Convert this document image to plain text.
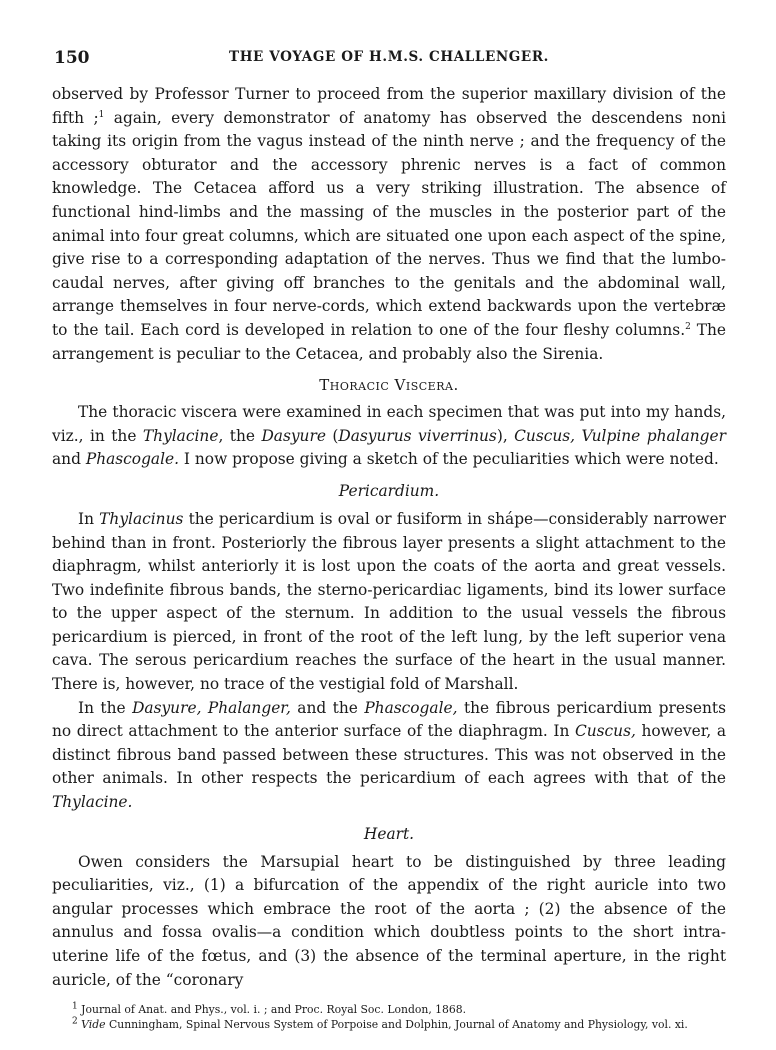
150	THE VOYAGE OF H.M.S. CHALLENGER.

observed by Professor Turner to proceed from the superior maxillary division of the fifth ;$^1$ again, every demonstrator of anatomy has observed the descendens noni taking its origin from the vagus instead of the ninth nerve ; and the frequency of the accessory obturator and the accessory phrenic nerves is a fact of common knowledge. The Cetacea afford us a very striking illustration. The absence of functional hind-limbs and the massing of the muscles in the posterior part of the animal into four great columns, which are situated one upon each aspect of the spine, give rise to a corresponding adaptation of the nerves. Thus we find that the lumbo-caudal nerves, after giving off branches to the genitals and the abdominal wall, arrange themselves in four nerve-cords, which extend backwards upon the vertebræ to the tail. Each cord is developed in relation to one of the four fleshy columns.$^2$ The arrangement is peculiar to the Cetacea, and probably also the Sirenia.

Thoracic Viscera.

The thoracic viscera were examined in each specimen that was put into my hands, viz., in the Thylacine, the Dasyure (Dasyurus viverrinus), Cuscus, Vulpine phalanger and Phascogale. I now propose giving a sketch of the peculiarities which were noted.

Pericardium.

In Thylacinus the pericardium is oval or fusiform in shápe—considerably narrower behind than in front. Posteriorly the fibrous layer presents a slight attachment to the diaphragm, whilst anteriorly it is lost upon the coats of the aorta and great vessels. Two indefinite fibrous bands, the sterno-pericardiac ligaments, bind its lower surface to the upper aspect of the sternum. In addition to the usual vessels the fibrous pericardium is pierced, in front of the root of the left lung, by the left superior vena cava. The serous pericardium reaches the surface of the heart in the usual manner. There is, however, no trace of the vestigial fold of Marshall.

In the Dasyure, Phalanger, and the Phascogale, the fibrous pericardium presents no direct attachment to the anterior surface of the diaphragm. In Cuscus, however, a distinct fibrous band passed between these structures. This was not observed in the other animals. In other respects the pericardium of each agrees with that of the Thylacine.

Heart.

Owen considers the Marsupial heart to be distinguished by three leading peculiarities, viz., (1) a bifurcation of the appendix of the right auricle into two angular processes which embrace the root of the aorta ; (2) the absence of the annulus and fossa ovalis—a condition which doubtless points to the short intra-uterine life of the fœtus, and (3) the absence of the terminal aperture, in the right auricle, of the “coronary

$^1$ Journal of Anat. and Phys., vol. i. ; and Proc. Royal Soc. London, 1868.

$^2$ Vide Cunningham, Spinal Nervous System of Porpoise and Dolphin, Journal of Anatomy and Physiology, vol. xi.
